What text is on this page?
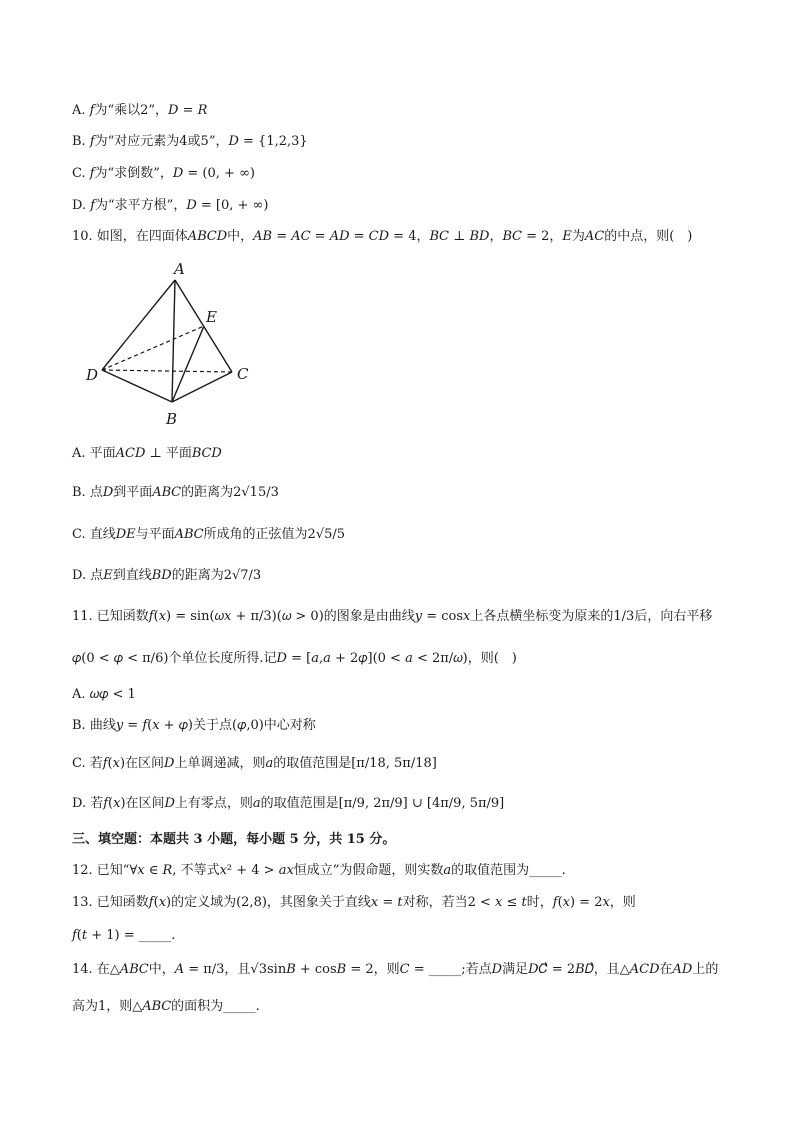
A. 𝑓为“乘以2”，𝐷 = 𝑅
B. 𝑓为“对应元素为4或5”，𝐷 = {1,2,3}
C. 𝑓为“求倒数”，𝐷 = (0, + ∞)
D. 𝑓为“求平方根”，𝐷 = [0, + ∞)
10. 如图，在四面体𝐴𝐵𝐶𝐷中，𝐴𝐵 = 𝐴𝐶 = 𝐴𝐷 = 𝐶𝐷 = 4，𝐵𝐶 ⊥ 𝐵𝐷，𝐵𝐶 = 2，𝐸为𝐴𝐶的中点，则(　)
A
E
D	C
B
A. 平面𝐴𝐶𝐷 ⊥ 平面𝐵𝐶𝐷
B. 点𝐷到平面𝐴𝐵𝐶的距离为2√15/3
C. 直线𝐷𝐸与平面𝐴𝐵𝐶所成角的正弦值为2√5/5
D. 点𝐸到直线𝐵𝐷的距离为2√7/3
11. 已知函数𝑓(𝑥) = sin(𝜔𝑥 + π/3)(𝜔 > 0)的图象是由曲线𝑦 = cos𝑥上各点横坐标变为原来的1/3后，向右平移
𝜑(0 < 𝜑 < π/6)个单位长度所得.记𝐷 = [𝑎,𝑎 + 2𝜑](0 < 𝑎 < 2π/𝜔)，则(　)
A. 𝜔𝜑 < 1
B. 曲线𝑦 = 𝑓(𝑥 + 𝜑)关于点(𝜑,0)中心对称
C. 若𝑓(𝑥)在区间𝐷上单调递减，则𝑎的取值范围是[π/18, 5π/18]
D. 若𝑓(𝑥)在区间𝐷上有零点，则𝑎的取值范围是[π/9, 2π/9] ∪ [4π/9, 5π/9]
三、填空题：本题共 3 小题，每小题 5 分，共 15 分。
12. 已知“∀𝑥 ∈ 𝑅, 不等式𝑥² + 4 > 𝑎𝑥恒成立”为假命题，则实数𝑎的取值范围为_____.
13. 已知函数𝑓(𝑥)的定义域为(2,8)，其图象关于直线𝑥 = 𝑡对称，若当2 < 𝑥 ≤ 𝑡时，𝑓(𝑥) = 2𝑥，则
𝑓(𝑡 + 1) = _____.
14. 在△𝐴𝐵𝐶中，𝐴 = π/3，且√3sin𝐵 + cos𝐵 = 2，则𝐶 = _____;若点𝐷满足𝐷𝐶⃗ = 2𝐵𝐷⃗，且△𝐴𝐶𝐷在𝐴𝐷上的
高为1，则△𝐴𝐵𝐶的面积为_____.
